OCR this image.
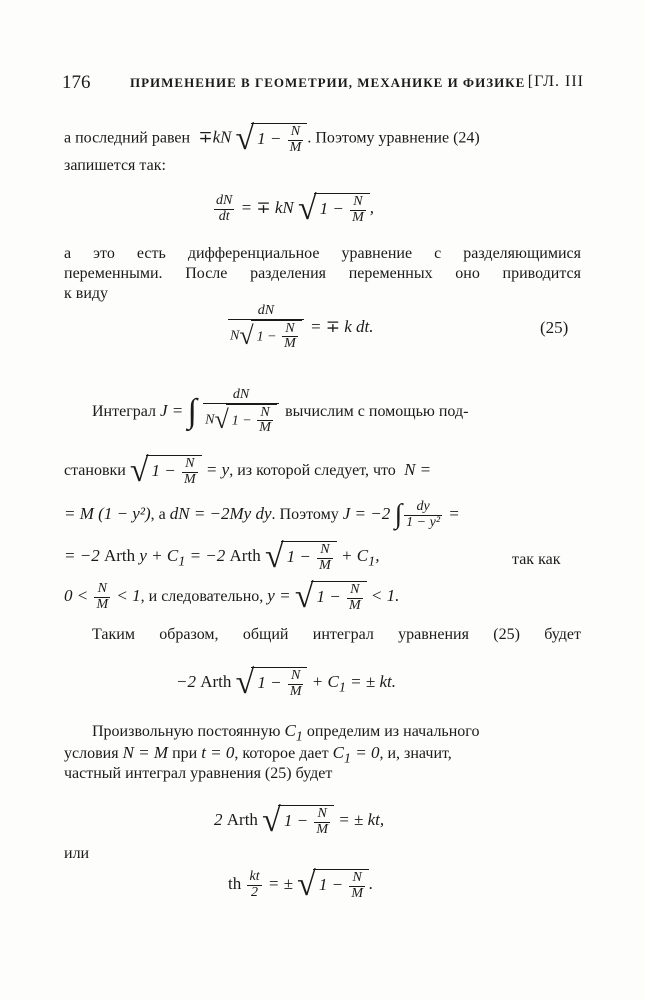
176	ПРИМЕНЕНИЕ В ГЕОМЕТРИИ, МЕХАНИКЕ И ФИЗИКЕ [ГЛ. III
а последний равен  ∓kN √ $1 - \frac{N}{M}$ . Поэтому уравнение (24)
запишется так:
$\frac{dN}{dt}$ = ∓ kN √ $1 - \frac{N}{M}$ ,
а это есть дифференциальное уравнение с разделяющимися
переменными. После разделения переменных оно приводится
к виду
$\frac{dN}{N√ 1 - \frac{N}{M}}$ = ∓ k dt.	(25)
Интеграл J = ∫ $\frac{dN}{N√ 1 - \frac{N}{M}}$ вычислим с помощью под-
становки √ $1 - \frac{N}{M} = y$, из которой следует, что N =
= M (1 − y²), а dN = −2My dy. Поэтому J = −2 ∫ $\frac{dy}{\text{1 − y²}}$ =
= −2 Arth $y + C_1 = -2$ Arth √ $1 - \frac{N}{M} + C_1$,	так как
$0 < \frac{N}{M} < 1$, и следовательно, y = √ $1 - \frac{N}{M} < 1$.
Таким образом, общий интеграл уравнения (25) будет
−2 Arth √ $1 - \frac{N}{M} + C_1$ = ± kt.
Произвольную постоянную $C_1$ определим из начального
условия N = M при t = 0, которое дает $C_1 = 0$, и, значит,
частный интеграл уравнения (25) будет
2 Arth √ $1 - \frac{N}{M}$ = ± kt,
или
th $\frac{kt}{2}$ = ± √ $1 - \frac{N}{M}$ .
